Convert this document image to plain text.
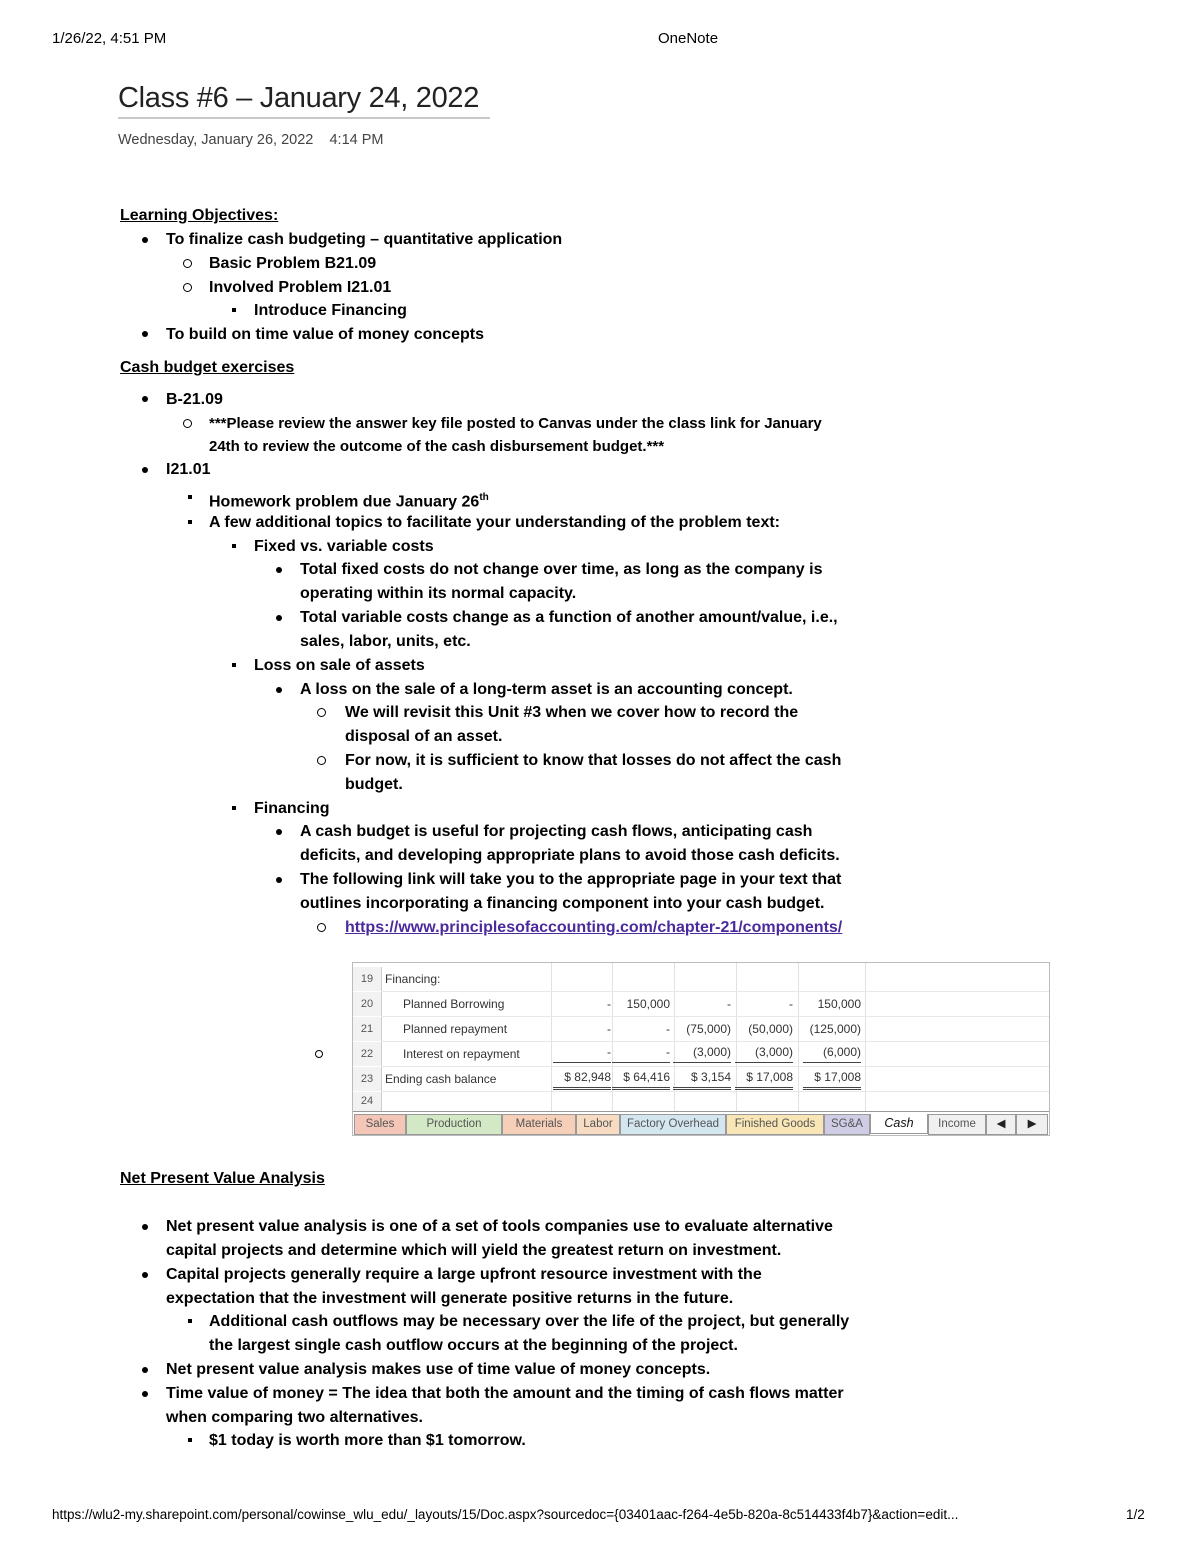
1/26/22, 4:51 PM	OneNote
Class #6 – January 24, 2022
Wednesday, January 26, 2022 4:14 PM
Learning Objectives:
To finalize cash budgeting – quantitative application
Basic Problem B21.09
Involved Problem I21.01
Introduce Financing
To build on time value of money concepts
Cash budget exercises
B-21.09
***Please review the answer key file posted to Canvas under the class link for January
24th to review the outcome of the cash disbursement budget.***
I21.01
Homework problem due January 26th
A few additional topics to facilitate your understanding of the problem text:
Fixed vs. variable costs
Total fixed costs do not change over time, as long as the company is
operating within its normal capacity.
Total variable costs change as a function of another amount/value, i.e.,
sales, labor, units, etc.
Loss on sale of assets
A loss on the sale of a long-term asset is an accounting concept.
We will revisit this Unit #3 when we cover how to record the
disposal of an asset.
For now, it is sufficient to know that losses do not affect the cash
budget.
Financing
A cash budget is useful for projecting cash flows, anticipating cash
deficits, and developing appropriate plans to avoid those cash deficits.
The following link will take you to the appropriate page in your text that
outlines incorporating a financing component into your cash budget.
https://www.principlesofaccounting.com/chapter-21/components/
19 Financing:
20	Planned Borrowing	-	150,000	-	-	150,000
21	Planned repayment	-	-	(75,000)	(50,000)	(125,000)
22	Interest on repayment	-	-	(3,000)	(3,000)	(6,000)
23 Ending cash balance	$ 82,948	$ 64,416	$ 3,154	$ 17,008	$ 17,008
24
Sales	Production	Materials	Labor	Factory Overhead	Finished Goods	SG&A	Cash	Income	◀	▶
Net Present Value Analysis
Net present value analysis is one of a set of tools companies use to evaluate alternative
capital projects and determine which will yield the greatest return on investment.
Capital projects generally require a large upfront resource investment with the
expectation that the investment will generate positive returns in the future.
Additional cash outflows may be necessary over the life of the project, but generally
the largest single cash outflow occurs at the beginning of the project.
Net present value analysis makes use of time value of money concepts.
Time value of money = The idea that both the amount and the timing of cash flows matter
when comparing two alternatives.
$1 today is worth more than $1 tomorrow.
https://wlu2-my.sharepoint.com/personal/cowinse_wlu_edu/_layouts/15/Doc.aspx?sourcedoc={03401aac-f264-4e5b-820a-8c514433f4b7}&action=edit...	1/2
